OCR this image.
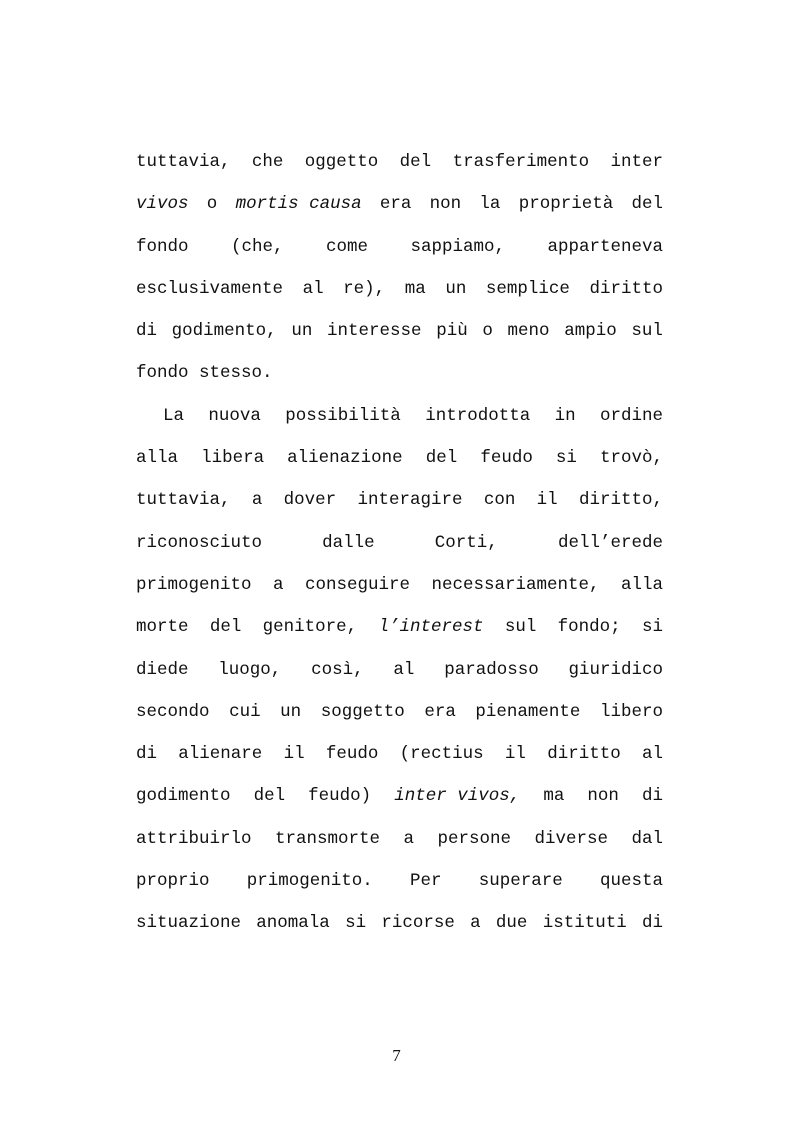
tuttavia, che oggetto del trasferimento inter
vivos o mortis causa era non la proprietà del
fondo (che, come sappiamo, apparteneva
esclusivamente al re), ma un semplice diritto
di godimento, un interesse più o meno ampio sul
fondo stesso.
La nuova possibilità introdotta in ordine
alla libera alienazione del feudo si trovò,
tuttavia, a dover interagire con il diritto,
riconosciuto	dalle	Corti,	dell’erede
primogenito a conseguire necessariamente, alla
morte del genitore, l’interest sul fondo; si
diede luogo, così, al paradosso giuridico
secondo cui un soggetto era pienamente libero
di alienare il feudo (rectius il diritto al
godimento del feudo) inter vivos, ma non di
attribuirlo transmorte a persone diverse dal
proprio primogenito. Per superare questa
situazione anomala si ricorse a due istituti di
7
